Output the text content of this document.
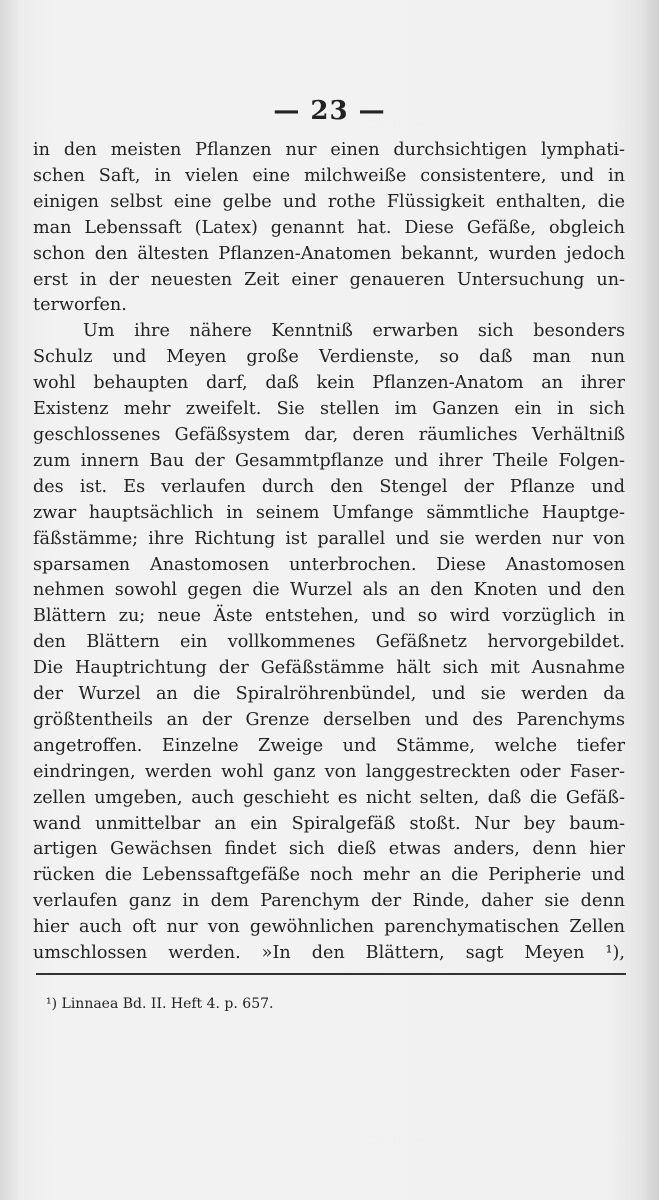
— 23 —
in den meisten Pflanzen nur einen durchsichtigen lymphati-
schen Saft, in vielen eine milchweiße consistentere, und in
einigen selbst eine gelbe und rothe Flüssigkeit enthalten, die
man Lebenssaft (Latex) genannt hat. Diese Gefäße, obgleich
schon den ältesten Pflanzen-Anatomen bekannt, wurden jedoch
erst in der neuesten Zeit einer genaueren Untersuchung un-
terworfen.
Um ihre nähere Kenntniß erwarben sich besonders
Schulz und Meyen große Verdienste, so daß man nun
wohl behaupten darf, daß kein Pflanzen-Anatom an ihrer
Existenz mehr zweifelt. Sie stellen im Ganzen ein in sich
geschlossenes Gefäßsystem dar, deren räumliches Verhältniß
zum innern Bau der Gesammtpflanze und ihrer Theile Folgen-
des ist. Es verlaufen durch den Stengel der Pflanze und
zwar hauptsächlich in seinem Umfange sämmtliche Hauptge-
fäßstämme; ihre Richtung ist parallel und sie werden nur von
sparsamen Anastomosen unterbrochen. Diese Anastomosen
nehmen sowohl gegen die Wurzel als an den Knoten und den
Blättern zu; neue Äste entstehen, und so wird vorzüglich in
den Blättern ein vollkommenes Gefäßnetz hervorgebildet.
Die Hauptrichtung der Gefäßstämme hält sich mit Ausnahme
der Wurzel an die Spiralröhrenbündel, und sie werden da
größtentheils an der Grenze derselben und des Parenchyms
angetroffen. Einzelne Zweige und Stämme, welche tiefer
eindringen, werden wohl ganz von langgestreckten oder Faser-
zellen umgeben, auch geschieht es nicht selten, daß die Gefäß-
wand unmittelbar an ein Spiralgefäß stoßt. Nur bey baum-
artigen Gewächsen findet sich dieß etwas anders, denn hier
rücken die Lebenssaftgefäße noch mehr an die Peripherie und
verlaufen ganz in dem Parenchym der Rinde, daher sie denn
hier auch oft nur von gewöhnlichen parenchymatischen Zellen
umschlossen werden. »In den Blättern, sagt Meyen ¹),
¹) Linnaea Bd. II. Heft 4. p. 657.
